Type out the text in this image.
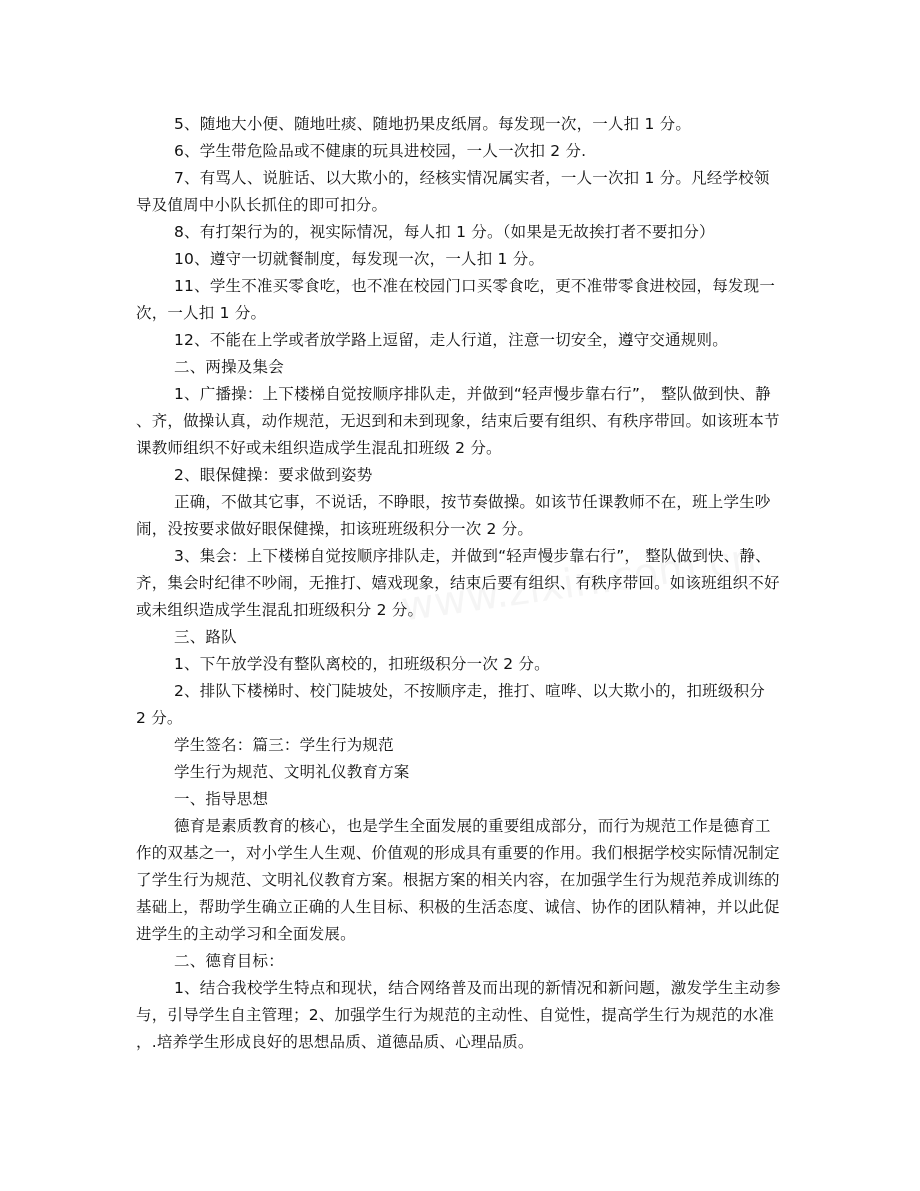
5、随地大小便、随地吐痰、随地扔果皮纸屑。每发现一次，一人扣 1 分。
6、学生带危险品或不健康的玩具进校园，一人一次扣 2 分.
7、有骂人、说脏话、以大欺小的，经核实情况属实者，一人一次扣 1 分。凡经学校领
导及值周中小队长抓住的即可扣分。
8、有打架行为的，视实际情况，每人扣 1 分。（如果是无故挨打者不要扣分）
10、遵守一切就餐制度，每发现一次，一人扣 1 分。
11、学生不准买零食吃，也不准在校园门口买零食吃，更不准带零食进校园，每发现一
次，一人扣 1 分。
12、不能在上学或者放学路上逗留，走人行道，注意一切安全，遵守交通规则。
二、两操及集会
1、广播操：上下楼梯自觉按顺序排队走，并做到“轻声慢步靠右行”， 整队做到快、静
、齐，做操认真，动作规范，无迟到和未到现象，结束后要有组织、有秩序带回。如该班本节
课教师组织不好或未组织造成学生混乱扣班级 2 分。
2、眼保健操：要求做到姿势
正确，不做其它事，不说话，不睁眼，按节奏做操。如该节任课教师不在，班上学生吵
闹，没按要求做好眼保健操，扣该班班级积分一次 2 分。
3、集会：上下楼梯自觉按顺序排队走，并做到“轻声慢步靠右行”， 整队做到快、静、
齐，集会时纪律不吵闹，无推打、嬉戏现象，结束后要有组织、有秩序带回。如该班组织不好
或未组织造成学生混乱扣班级积分 2 分。
三、路队
1、下午放学没有整队离校的，扣班级积分一次 2 分。
2、排队下楼梯时、校门陡坡处，不按顺序走，推打、喧哗、以大欺小的，扣班级积分
2 分。
学生签名：篇三：学生行为规范
学生行为规范、文明礼仪教育方案
一、指导思想
德育是素质教育的核心，也是学生全面发展的重要组成部分，而行为规范工作是德育工
作的双基之一，对小学生人生观、价值观的形成具有重要的作用。我们根据学校实际情况制定
了学生行为规范、文明礼仪教育方案。根据方案的相关内容，在加强学生行为规范养成训练的
基础上，帮助学生确立正确的人生目标、积极的生活态度、诚信、协作的团队精神，并以此促
进学生的主动学习和全面发展。
二、德育目标：
1、结合我校学生特点和现状，结合网络普及而出现的新情况和新问题，激发学生主动参
与，引导学生自主管理；2、加强学生行为规范的主动性、自觉性，提高学生行为规范的水准
，.培养学生形成良好的思想品质、道德品质、心理品质。
